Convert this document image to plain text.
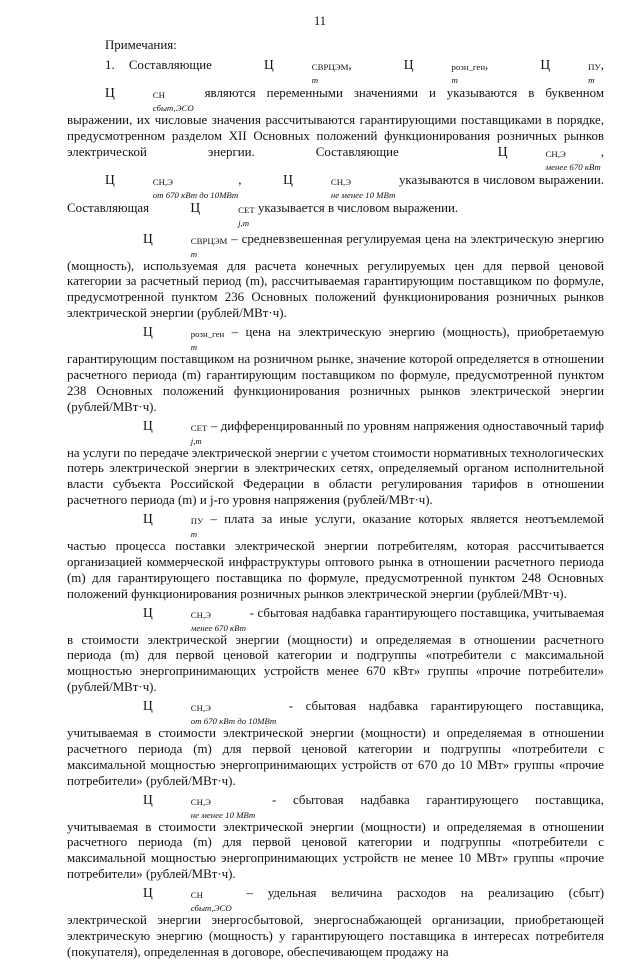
11

Примечания:

1. Составляющие	Ц	СВРЦЭМ
m
,	Ц	розн_ген
m
,	Ц	ПУ
m
, Ц	СН
сбыт,ЭСО
являются переменными значениями и указываются в буквенном выражении, их числовые значения рассчитываются гарантирующими поставщиками в порядке, предусмотренном разделом XII Основных положений функционирования розничных рынков электрической энергии. Составляющие	Ц	СН,Э
менее 670 кВт
, Ц	СН,Э
от 670 кВт до 10МВт
,	Ц	СН,Э
не менее 10 МВт
указываются в числовом выражении. Составляющая	Ц	СЕТ
j,m
указывается в числовом выражении.

Ц	СВРЦЭМ
m
– средневзвешенная регулируемая цена на электрическую энергию (мощность), используемая для расчета конечных регулируемых цен для первой ценовой категории за расчетный период (m), рассчитываемая гарантирующим поставщиком по формуле, предусмотренной пунктом 236 Основных положений функционирования розничных рынков электрической энергии (рублей/МВт·ч).

Ц	розн_ген
m
– цена на электрическую энергию (мощность), приобретаемую гарантирующим поставщиком на розничном рынке, значение которой определяется в отношении расчетного периода (m) гарантирующим поставщиком по формуле, предусмотренной пунктом 238 Основных положений функционирования розничных рынков электрической энергии (рублей/МВт·ч).

Ц	СЕТ
j,m
– дифференцированный по уровням напряжения одноставочный тариф на услуги по передаче электрической энергии с учетом стоимости нормативных технологических потерь электрической энергии в электрических сетях, определяемый органом исполнительной власти субъекта Российской Федерации в области регулирования тарифов в отношении расчетного периода (m) и j-го уровня напряжения (рублей/МВт·ч).

Ц	ПУ
m
– плата за иные услуги, оказание которых является неотъемлемой частью процесса поставки электрической энергии потребителям, которая рассчитывается организацией коммерческой инфраструктуры оптового рынка в отношении расчетного периода (m) для гарантирующего поставщика по формуле, предусмотренной пунктом 248 Основных положений функционирования розничных рынков электрической энергии (рублей/МВт·ч).

Ц	СН,Э
менее 670 кВт
- сбытовая надбавка гарантирующего поставщика, учитываемая в стоимости электрической энергии (мощности) и определяемая в отношении расчетного периода (m) для первой ценовой категории и подгруппы «потребители с максимальной мощностью энергопринимающих устройств менее 670 кВт» группы «прочие потребители» (рублей/МВт·ч).

Ц	СН,Э
от 670 кВт до 10МВт
- сбытовая надбавка гарантирующего поставщика, учитываемая в стоимости электрической энергии (мощности) и определяемая в отношении расчетного периода (m) для первой ценовой категории и подгруппы «потребители с максимальной мощностью энергопринимающих устройств от 670 до 10 МВт» группы «прочие потребители» (рублей/МВт·ч).

Ц	СН,Э
не менее 10 МВт
- сбытовая надбавка гарантирующего поставщика, учитываемая в стоимости электрической энергии (мощности) и определяемая в отношении расчетного периода (m) для первой ценовой категории и подгруппы «потребители с максимальной мощностью энергопринимающих устройств не менее 10 МВт» группы «прочие потребители» (рублей/МВт·ч).

Ц	СН
сбыт,ЭСО
– удельная величина расходов на реализацию (сбыт) электрической энергии энергосбытовой, энергоснабжающей организации, приобретающей электрическую энергию (мощность) у гарантирующего поставщика в интересах потребителя (покупателя), определенная в договоре, обеспечивающем продажу на
